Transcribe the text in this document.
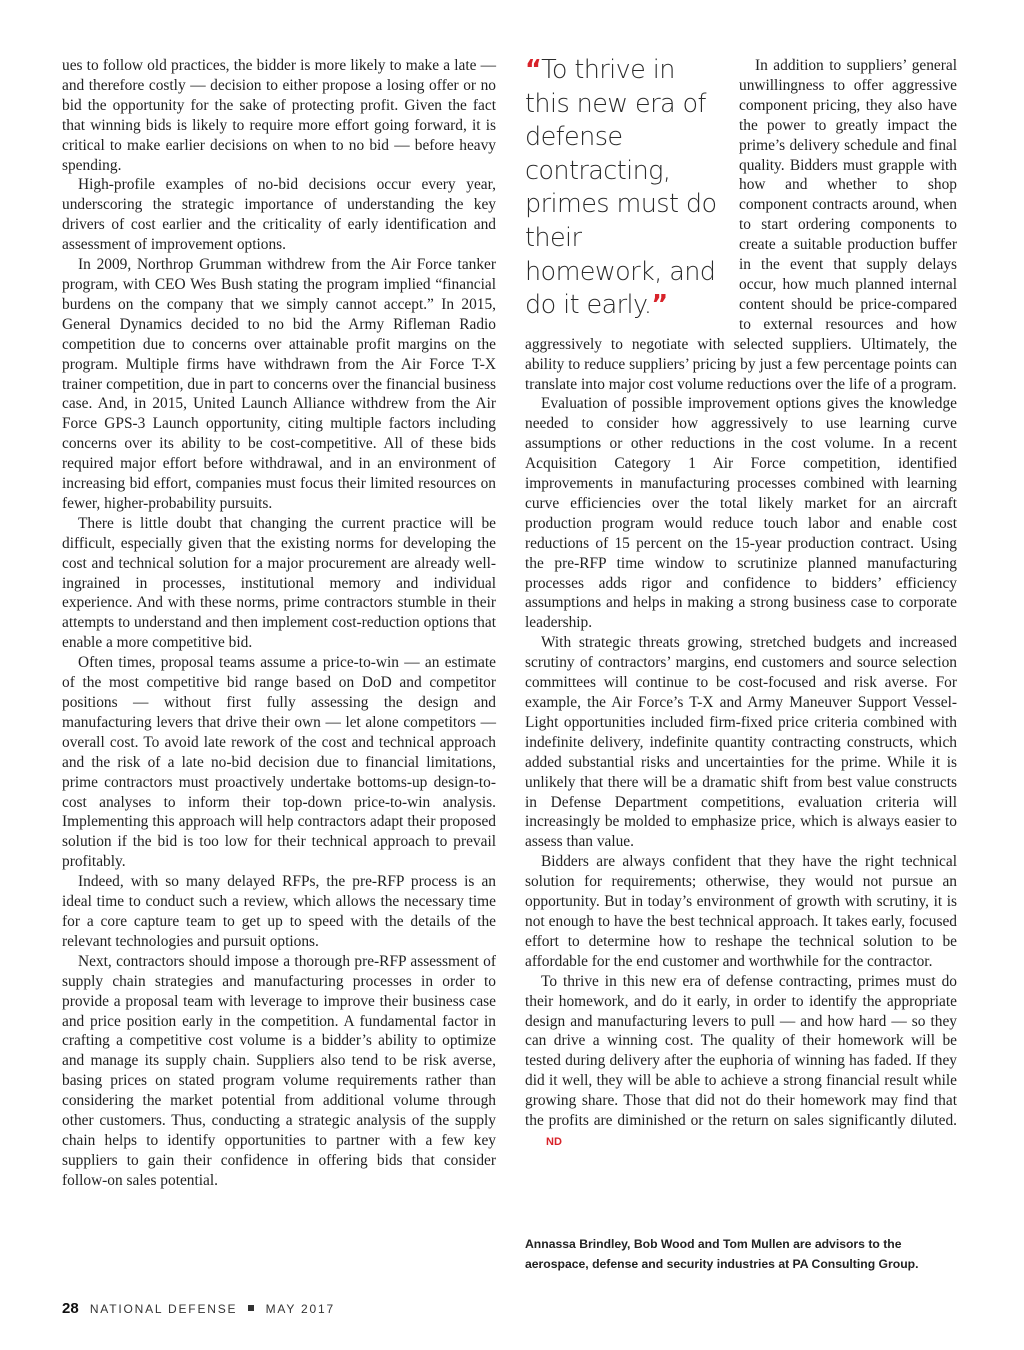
ues to follow old practices, the bidder is more likely to make a late — and therefore costly — decision to either propose a losing offer or no bid the opportunity for the sake of protecting profit. Given the fact that winning bids is likely to require more effort going forward, it is critical to make earlier decisions on when to no bid — before heavy spending.

High-profile examples of no-bid decisions occur every year, underscoring the strategic importance of understanding the key drivers of cost earlier and the criticality of early identification and assessment of improvement options.

In 2009, Northrop Grumman withdrew from the Air Force tanker program, with CEO Wes Bush stating the program implied “financial burdens on the company that we simply cannot accept.” In 2015, General Dynamics decided to no bid the Army Rifleman Radio competition due to concerns over attainable profit margins on the program. Multiple firms have withdrawn from the Air Force T-X trainer competition, due in part to concerns over the financial business case. And, in 2015, United Launch Alliance withdrew from the Air Force GPS-3 Launch opportunity, citing multiple factors including concerns over its ability to be cost-competitive. All of these bids required major effort before withdrawal, and in an environment of increasing bid effort, companies must focus their limited resources on fewer, higher-probability pursuits.

There is little doubt that changing the current practice will be difficult, especially given that the existing norms for developing the cost and technical solution for a major procurement are already well-ingrained in processes, institutional memory and individual experience. And with these norms, prime contractors stumble in their attempts to understand and then implement cost-reduction options that enable a more competitive bid.

Often times, proposal teams assume a price-to-win — an estimate of the most competitive bid range based on DoD and competitor positions — without first fully assessing the design and manufacturing levers that drive their own — let alone competitors — overall cost. To avoid late rework of the cost and technical approach and the risk of a late no-bid decision due to financial limitations, prime contractors must proactively undertake bottoms-up design-to-cost analyses to inform their top-down price-to-win analysis. Implementing this approach will help contractors adapt their proposed solution if the bid is too low for their technical approach to prevail profitably.

Indeed, with so many delayed RFPs, the pre-RFP process is an ideal time to conduct such a review, which allows the necessary time for a core capture team to get up to speed with the details of the relevant technologies and pursuit options.

Next, contractors should impose a thorough pre-RFP assessment of supply chain strategies and manufacturing processes in order to provide a proposal team with leverage to improve their business case and price position early in the competition. A fundamental factor in crafting a competitive cost volume is a bidder’s ability to optimize and manage its supply chain. Suppliers also tend to be risk averse, basing prices on stated program volume requirements rather than considering the market potential from additional volume through other customers. Thus, conducting a strategic analysis of the supply chain helps to identify opportunities to partner with a few key suppliers to gain their confidence in offering bids that consider follow-on sales potential.

“To thrive in this new era of defense contracting, primes must do their homework, and do it early.”

In addition to suppliers’ general unwillingness to offer aggressive component pricing, they also have the power to greatly impact the prime’s delivery schedule and final quality. Bidders must grapple with how and whether to shop component contracts around, when to start ordering components to create a suitable production buffer in the event that supply delays occur, how much planned internal content should be price-compared to external resources and how aggressively to negotiate with selected suppliers. Ultimately, the ability to reduce suppliers’ pricing by just a few percentage points can translate into major cost volume reductions over the life of a program.

Evaluation of possible improvement options gives the knowledge needed to consider how aggressively to use learning curve assumptions or other reductions in the cost volume. In a recent Acquisition Category 1 Air Force competition, identified improvements in manufacturing processes combined with learning curve efficiencies over the total likely market for an aircraft production program would reduce touch labor and enable cost reductions of 15 percent on the 15-year production contract. Using the pre-RFP time window to scrutinize planned manufacturing processes adds rigor and confidence to bidders’ efficiency assumptions and helps in making a strong business case to corporate leadership.

With strategic threats growing, stretched budgets and increased scrutiny of contractors’ margins, end customers and source selection committees will continue to be cost-focused and risk averse. For example, the Air Force’s T-X and Army Maneuver Support Vessel-Light opportunities included firm-fixed price criteria combined with indefinite delivery, indefinite quantity contracting constructs, which added substantial risks and uncertainties for the prime. While it is unlikely that there will be a dramatic shift from best value constructs in Defense Department competitions, evaluation criteria will increasingly be molded to emphasize price, which is always easier to assess than value.

Bidders are always confident that they have the right technical solution for requirements; otherwise, they would not pursue an opportunity. But in today’s environment of growth with scrutiny, it is not enough to have the best technical approach. It takes early, focused effort to determine how to reshape the technical solution to be affordable for the end customer and worthwhile for the contractor.

To thrive in this new era of defense contracting, primes must do their homework, and do it early, in order to identify the appropriate design and manufacturing levers to pull — and how hard — so they can drive a winning cost. The quality of their homework will be tested during delivery after the euphoria of winning has faded. If they did it well, they will be able to achieve a strong financial result while growing share. Those that did not do their homework may find that the profits are diminished or the return on sales significantly diluted.ND

Annassa Brindley, Bob Wood and Tom Mullen are advisors to the aerospace, defense and security industries at PA Consulting Group.
28 NATIONAL DEFENSE MAY 2017
